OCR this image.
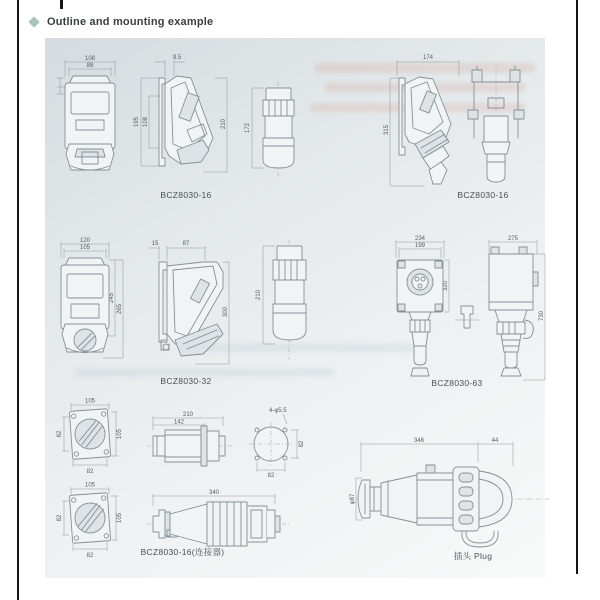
Outline and mounting example
108
88
9.5
195 108	210	172
174
315
BCZ8030-16	BCZ8030-16
120
105
245
265
15	87
300
210
234
199
320
275
730
BCZ8030-32	BCZ8030-63
105
105
82
82
210
142
4-φ5.5
82
82
105
105
82
82
340
BCZ8030-16(连接器)
346	44
φ87
插头 Plug
